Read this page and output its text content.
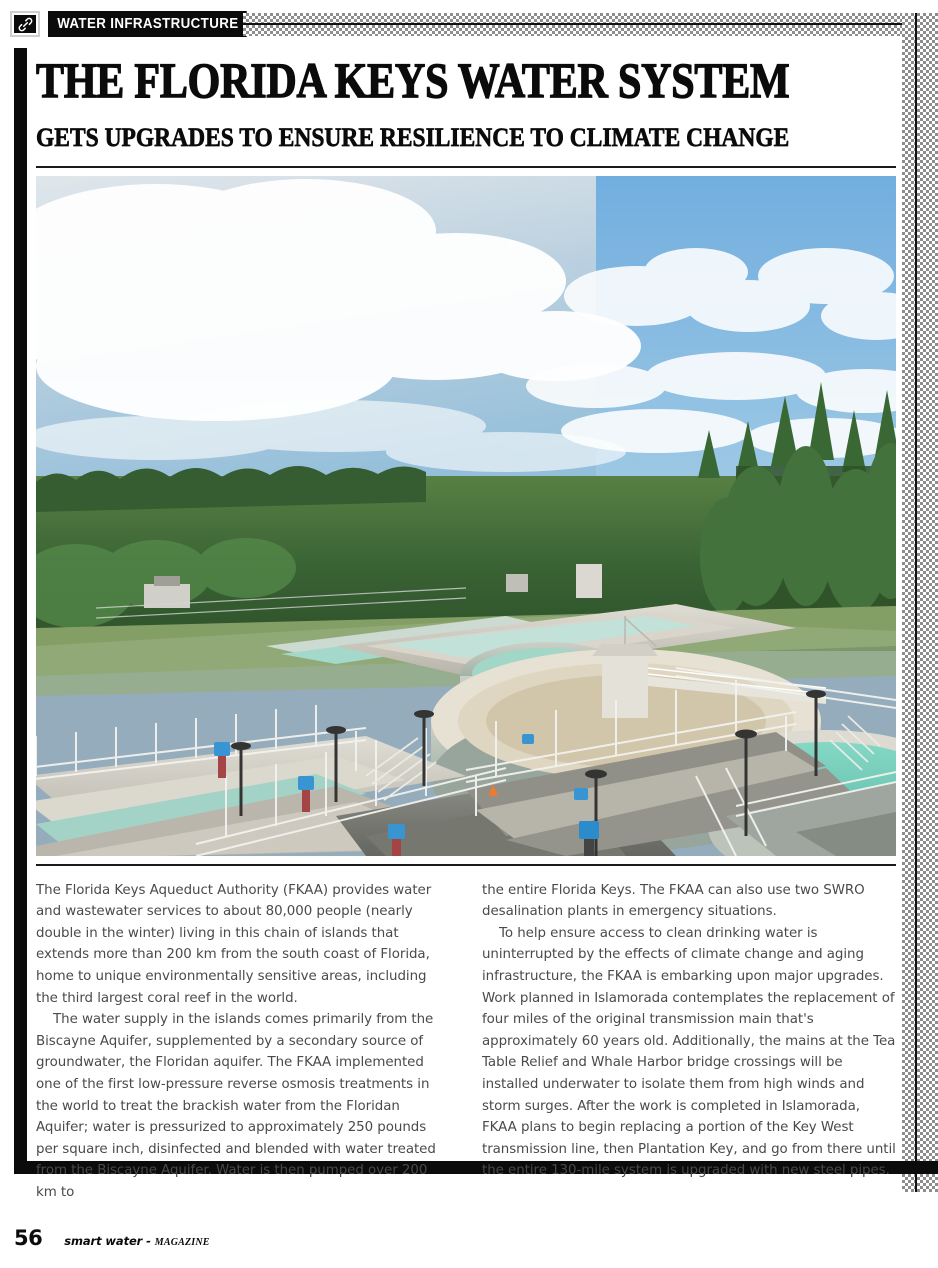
WATER INFRASTRUCTURE
THE FLORIDA KEYS WATER SYSTEM
GETS UPGRADES TO ENSURE RESILIENCE TO CLIMATE CHANGE

The Florida Keys Aqueduct Authority (FKAA) provides water and wastewater services to about 80,000 people (nearly double in the winter) living in this chain of islands that extends more than 200 km from the south coast of Florida, home to unique environmentally sensitive areas, including the third largest coral reef in the world.

The water supply in the islands comes primarily from the Biscayne Aquifer, supplemented by a secondary source of groundwater, the Floridan aquifer. The FKAA implemented one of the first low-pressure reverse osmosis treatments in the world to treat the brackish water from the Floridan Aquifer; water is pressurized to approximately 250 pounds per square inch, disinfected and blended with water treated from the Biscayne Aquifer. Water is then pumped over 200 km to

the entire Florida Keys. The FKAA can also use two SWRO desalination plants in emergency situations.

To help ensure access to clean drinking water is uninterrupted by the effects of climate change and aging infrastructure, the FKAA is embarking upon major upgrades. Work planned in Islamorada contemplates the replacement of four miles of the original transmission main that's approximately 60 years old. Additionally, the mains at the Tea Table Relief and Whale Harbor bridge crossings will be installed underwater to isolate them from high winds and storm surges. After the work is completed in Islamorada, FKAA plans to begin replacing a portion of the Key West transmission line, then Plantation Key, and go from there until the entire 130-mile system is upgraded with new steel pipes.

56 smart water - MAGAZINE
